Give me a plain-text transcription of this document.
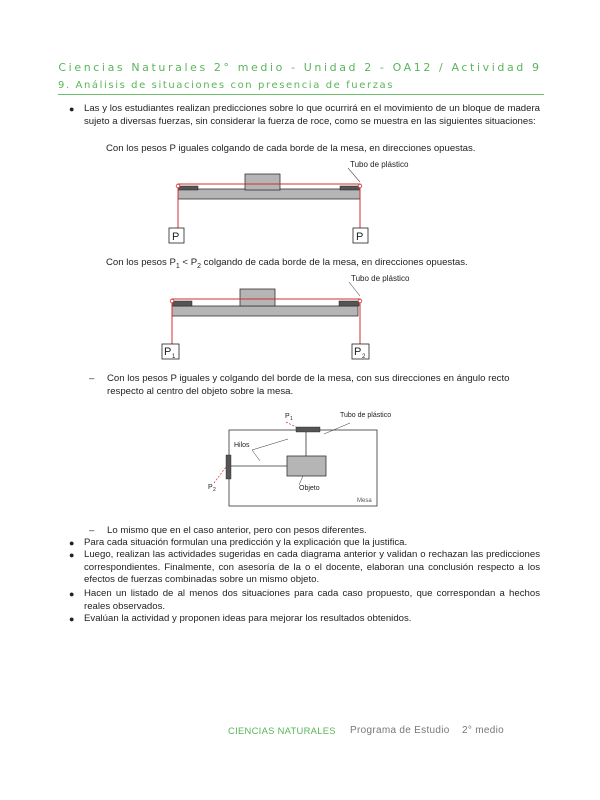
Ciencias Naturales 2° medio - Unidad 2 - OA12 / Actividad 9
9. Análisis de situaciones con presencia de fuerzas
● Las y los estudiantes realizan predicciones sobre lo que ocurrirá en el movimiento de un bloque de madera sujeto a diversas fuerzas, sin considerar la fuerza de roce, como se muestra en las siguientes situaciones:
Con los pesos P iguales colgando de cada borde de la mesa, en direcciones opuestas.
Tubo de plástico
P	P
Con los pesos $P_1 < P_2$ colgando de cada borde de la mesa, en direcciones opuestas.
Tubo de plástico
P 1	P 2
– Con los pesos P iguales y colgando del borde de la mesa, con sus direcciones en ángulo recto respecto al centro del objeto sobre la mesa.
Mesa
Objeto
Hilos
P 1	Tubo de plástico
P 2
– Lo mismo que en el caso anterior, pero con pesos diferentes.
● Para cada situación formulan una predicción y la explicación que la justifica.
● Luego, realizan las actividades sugeridas en cada diagrama anterior y validan o rechazan las predicciones correspondientes. Finalmente, con asesoría de la o el docente, elaboran una conclusión respecto a los efectos de fuerzas combinadas sobre un mismo objeto.
● Hacen un listado de al menos dos situaciones para cada caso propuesto, que correspondan a hechos reales observados.
● Evalúan la actividad y proponen ideas para mejorar los resultados obtenidos.
CIENCIAS NATURALES Programa de Estudio 2° medio
